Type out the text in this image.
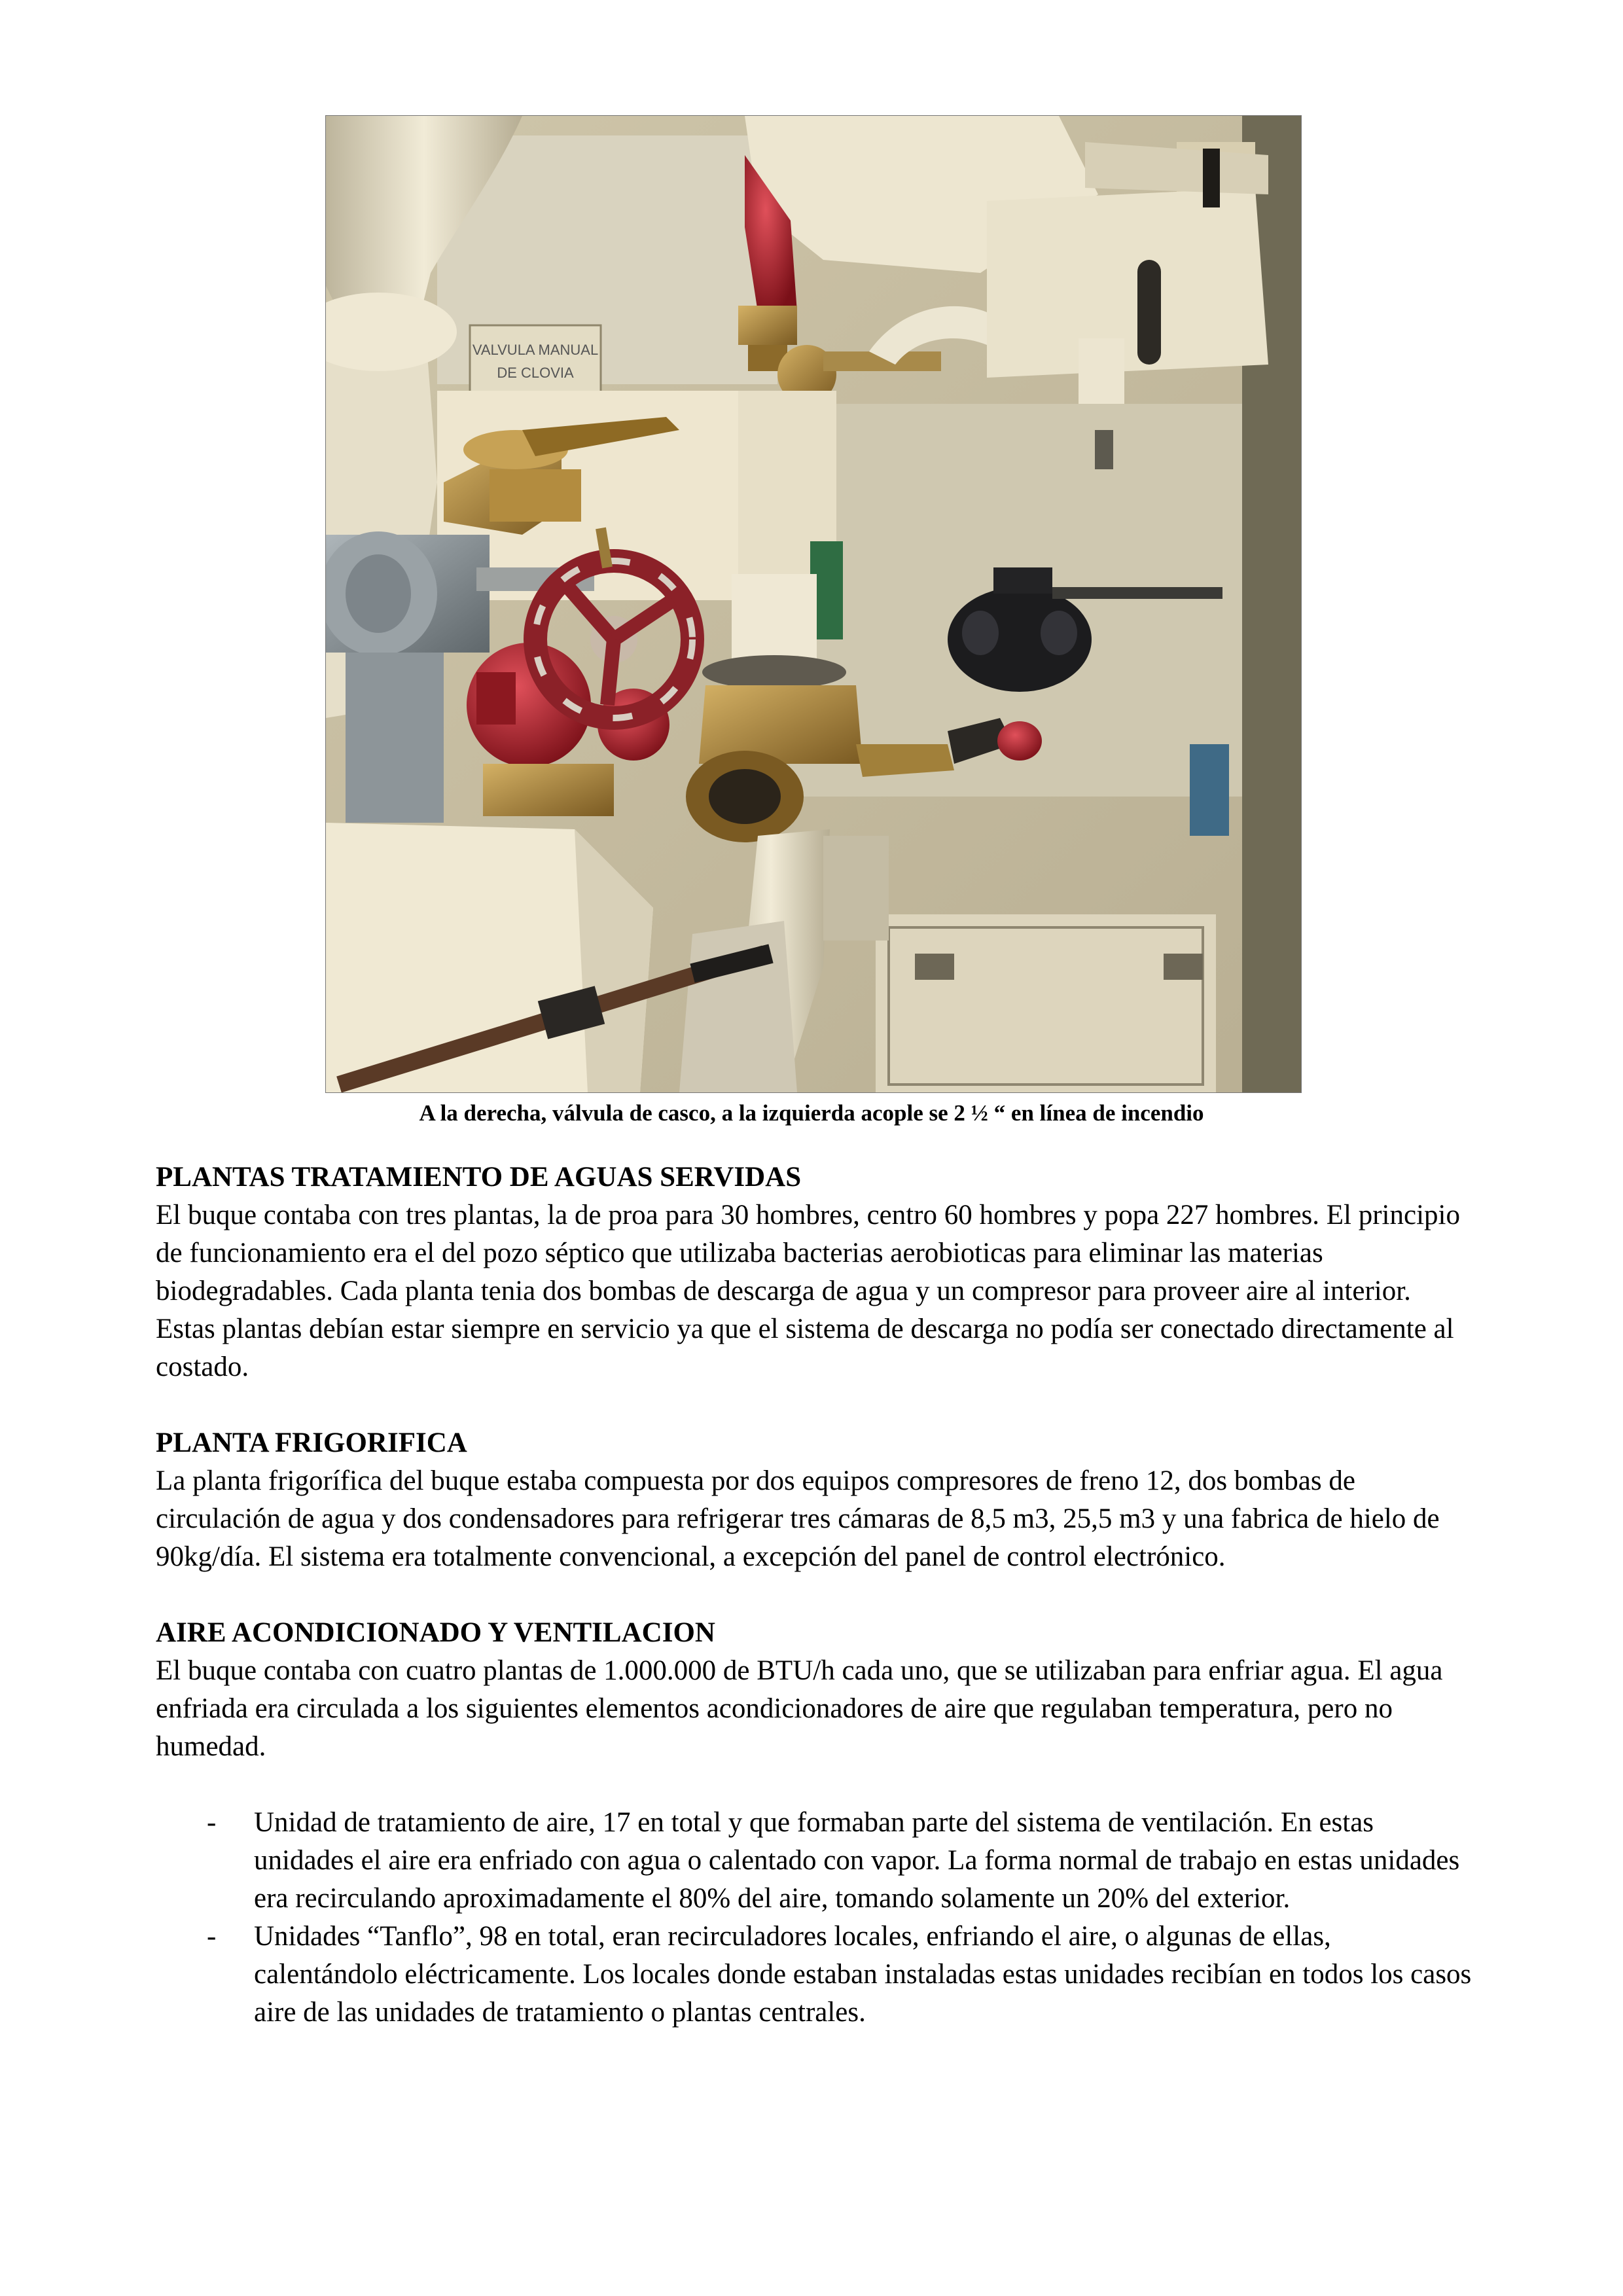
VALVULA MANUAL
DE CLOVIA
A la derecha, válvula de casco, a la izquierda acople se 2 ½ “ en línea de incendio
PLANTAS TRATAMIENTO DE AGUAS SERVIDAS

El buque contaba con tres plantas, la de proa para 30 hombres, centro 60 hombres y popa 227 hombres. El principio de funcionamiento era el del pozo séptico que utilizaba bacterias aerobioticas para eliminar las materias biodegradables. Cada planta tenia dos bombas de descarga de agua y un compresor para proveer aire al interior.

Estas plantas debían estar siempre en servicio ya que el sistema de descarga no podía ser conectado directamente al costado.

PLANTA FRIGORIFICA

La planta frigorífica del buque estaba compuesta por dos equipos compresores de freno 12, dos bombas de circulación de agua y dos condensadores para refrigerar tres cámaras de 8,5 m3, 25,5 m3 y una fabrica de hielo de 90kg/día. El sistema era totalmente convencional, a excepción del panel de control electrónico.

AIRE ACONDICIONADO Y VENTILACION

El buque contaba con cuatro plantas de 1.000.000 de BTU/h cada uno, que se utilizaban para enfriar agua. El agua enfriada era circulada a los siguientes elementos acondicionadores de aire que regulaban temperatura, pero no humedad.

- Unidad de tratamiento de aire, 17 en total y que formaban parte del sistema de ventilación. En estas unidades el aire era enfriado con agua o calentado con vapor. La forma normal de trabajo en estas unidades era recirculando aproximadamente el 80% del aire, tomando solamente un 20% del exterior.
- Unidades “Tanflo”, 98 en total, eran recirculadores locales, enfriando el aire, o algunas de ellas, calentándolo eléctricamente. Los locales donde estaban instaladas estas unidades recibían en todos los casos aire de las unidades de tratamiento o plantas centrales.
